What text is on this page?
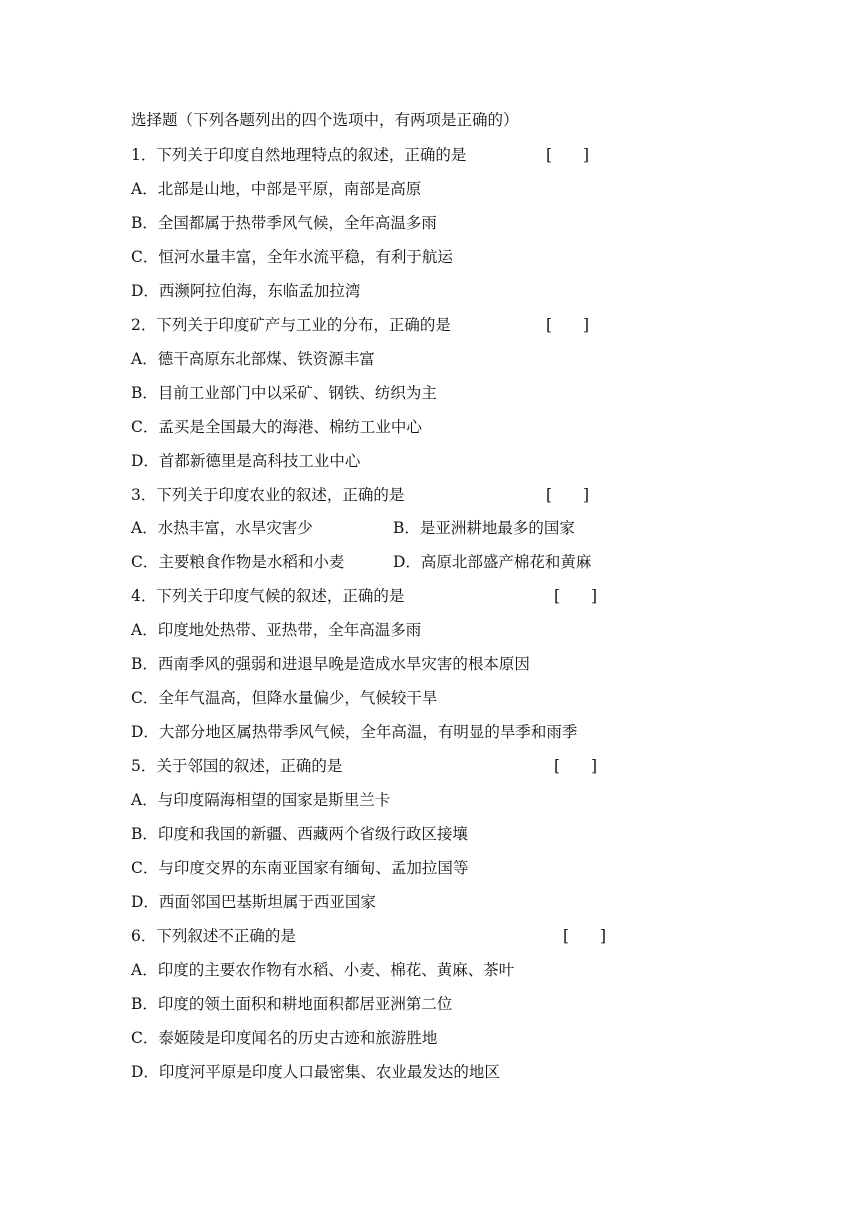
选择题（下列各题列出的四个选项中，有两项是正确的）
1．下列关于印度自然地理特点的叙述，正确的是	[　　]
A．北部是山地，中部是平原，南部是高原
B．全国都属于热带季风气候，全年高温多雨
C．恒河水量丰富，全年水流平稳，有利于航运
D．西濒阿拉伯海，东临孟加拉湾
2．下列关于印度矿产与工业的分布，正确的是	[　　]
A．德干高原东北部煤、铁资源丰富
B．目前工业部门中以采矿、钢铁、纺织为主
C．孟买是全国最大的海港、棉纺工业中心
D．首都新德里是高科技工业中心
3．下列关于印度农业的叙述，正确的是	[　　]
A．水热丰富，水旱灾害少	B．是亚洲耕地最多的国家
C．主要粮食作物是水稻和小麦	D．高原北部盛产棉花和黄麻
4．下列关于印度气候的叙述，正确的是	[　　]
A．印度地处热带、亚热带，全年高温多雨
B．西南季风的强弱和进退早晚是造成水旱灾害的根本原因
C．全年气温高，但降水量偏少，气候较干旱
D．大部分地区属热带季风气候，全年高温，有明显的旱季和雨季
5．关于邻国的叙述，正确的是	[　　]
A．与印度隔海相望的国家是斯里兰卡
B．印度和我国的新疆、西藏两个省级行政区接壤
C．与印度交界的东南亚国家有缅甸、孟加拉国等
D．西面邻国巴基斯坦属于西亚国家
6．下列叙述不正确的是	[　　]
A．印度的主要农作物有水稻、小麦、棉花、黄麻、茶叶
B．印度的领土面积和耕地面积都居亚洲第二位
C．泰姬陵是印度闻名的历史古迹和旅游胜地
D．印度河平原是印度人口最密集、农业最发达的地区
